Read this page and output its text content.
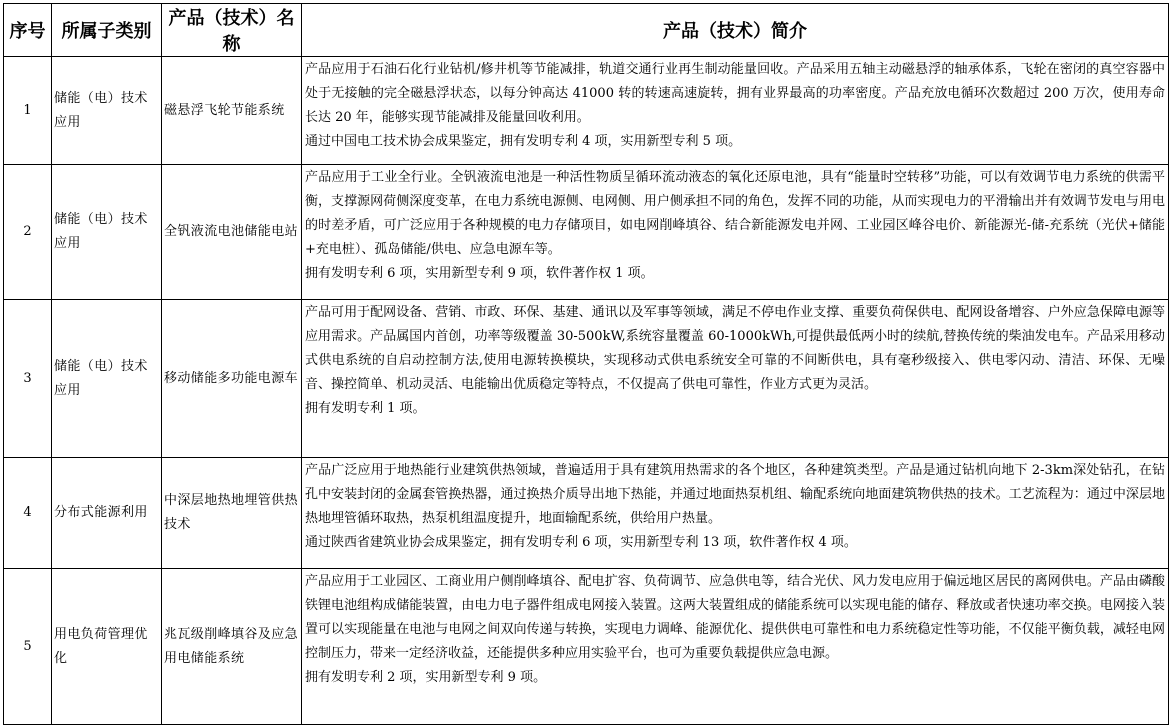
序号	所属子类别	产品（技术）名称	产品（技术）简介
1	储能（电）技术应用	磁悬浮飞轮节能系统	产品应用于石油石化行业钻机/修井机等节能减排，轨道交通行业再生制动能量回收。产品采用五轴主动磁悬浮的轴承体系，飞轮在密闭的真空容器中处于无接触的完全磁悬浮状态，以每分钟高达 41000 转的转速高速旋转，拥有业界最高的功率密度。产品充放电循环次数超过 200 万次，使用寿命长达 20 年，能够实现节能减排及能量回收利用。

通过中国电工技术协会成果鉴定，拥有发明专利 4 项，实用新型专利 5 项。

2	储能（电）技术应用	全钒液流电池储能电站	产品应用于工业全行业。全钒液流电池是一种活性物质呈循环流动液态的氧化还原电池，具有“能量时空转移”功能，可以有效调节电力系统的供需平衡，支撑源网荷侧深度变革，在电力系统电源侧、电网侧、用户侧承担不同的角色，发挥不同的功能，从而实现电力的平滑输出并有效调节发电与用电的时差矛盾，可广泛应用于各种规模的电力存储项目，如电网削峰填谷、结合新能源发电并网、工业园区峰谷电价、新能源光-储-充系统（光伏+储能+充电桩）、孤岛储能/供电、应急电源车等。

拥有发明专利 6 项，实用新型专利 9 项，软件著作权 1 项。

3	储能（电）技术应用	移动储能多功能电源车	产品可用于配网设备、营销、市政、环保、基建、通讯以及军事等领域，满足不停电作业支撑、重要负荷保供电、配网设备增容、户外应急保障电源等应用需求。产品属国内首创，功率等级覆盖 30-500kW,系统容量覆盖 60-1000kWh,可提供最低两小时的续航,替换传统的柴油发电车。产品采用移动式供电系统的自启动控制方法,使用电源转换模块，实现移动式供电系统安全可靠的不间断供电，具有毫秒级接入、供电零闪动、清洁、环保、无噪音、操控简单、机动灵活、电能输出优质稳定等特点，不仅提高了供电可靠性，作业方式更为灵活。

拥有发明专利 1 项。

4	分布式能源利用	中深层地热地埋管供热技术	产品广泛应用于地热能行业建筑供热领域，普遍适用于具有建筑用热需求的各个地区，各种建筑类型。产品是通过钻机向地下 2-3km深处钻孔，在钻孔中安装封闭的金属套管换热器，通过换热介质导出地下热能，并通过地面热泵机组、输配系统向地面建筑物供热的技术。工艺流程为：通过中深层地热地埋管循环取热，热泵机组温度提升，地面输配系统，供给用户热量。

通过陕西省建筑业协会成果鉴定，拥有发明专利 6 项，实用新型专利 13 项，软件著作权 4 项。

5	用电负荷管理优化	兆瓦级削峰填谷及应急用电储能系统	产品应用于工业园区、工商业用户侧削峰填谷、配电扩容、负荷调节、应急供电等，结合光伏、风力发电应用于偏远地区居民的离网供电。产品由磷酸铁锂电池组构成储能装置，由电力电子器件组成电网接入装置。这两大装置组成的储能系统可以实现电能的储存、释放或者快速功率交换。电网接入装置可以实现能量在电池与电网之间双向传递与转换，实现电力调峰、能源优化、提供供电可靠性和电力系统稳定性等功能，不仅能平衡负载，减轻电网控制压力，带来一定经济收益，还能提供多种应用实验平台，也可为重要负载提供应急电源。

拥有发明专利 2 项，实用新型专利 9 项。
